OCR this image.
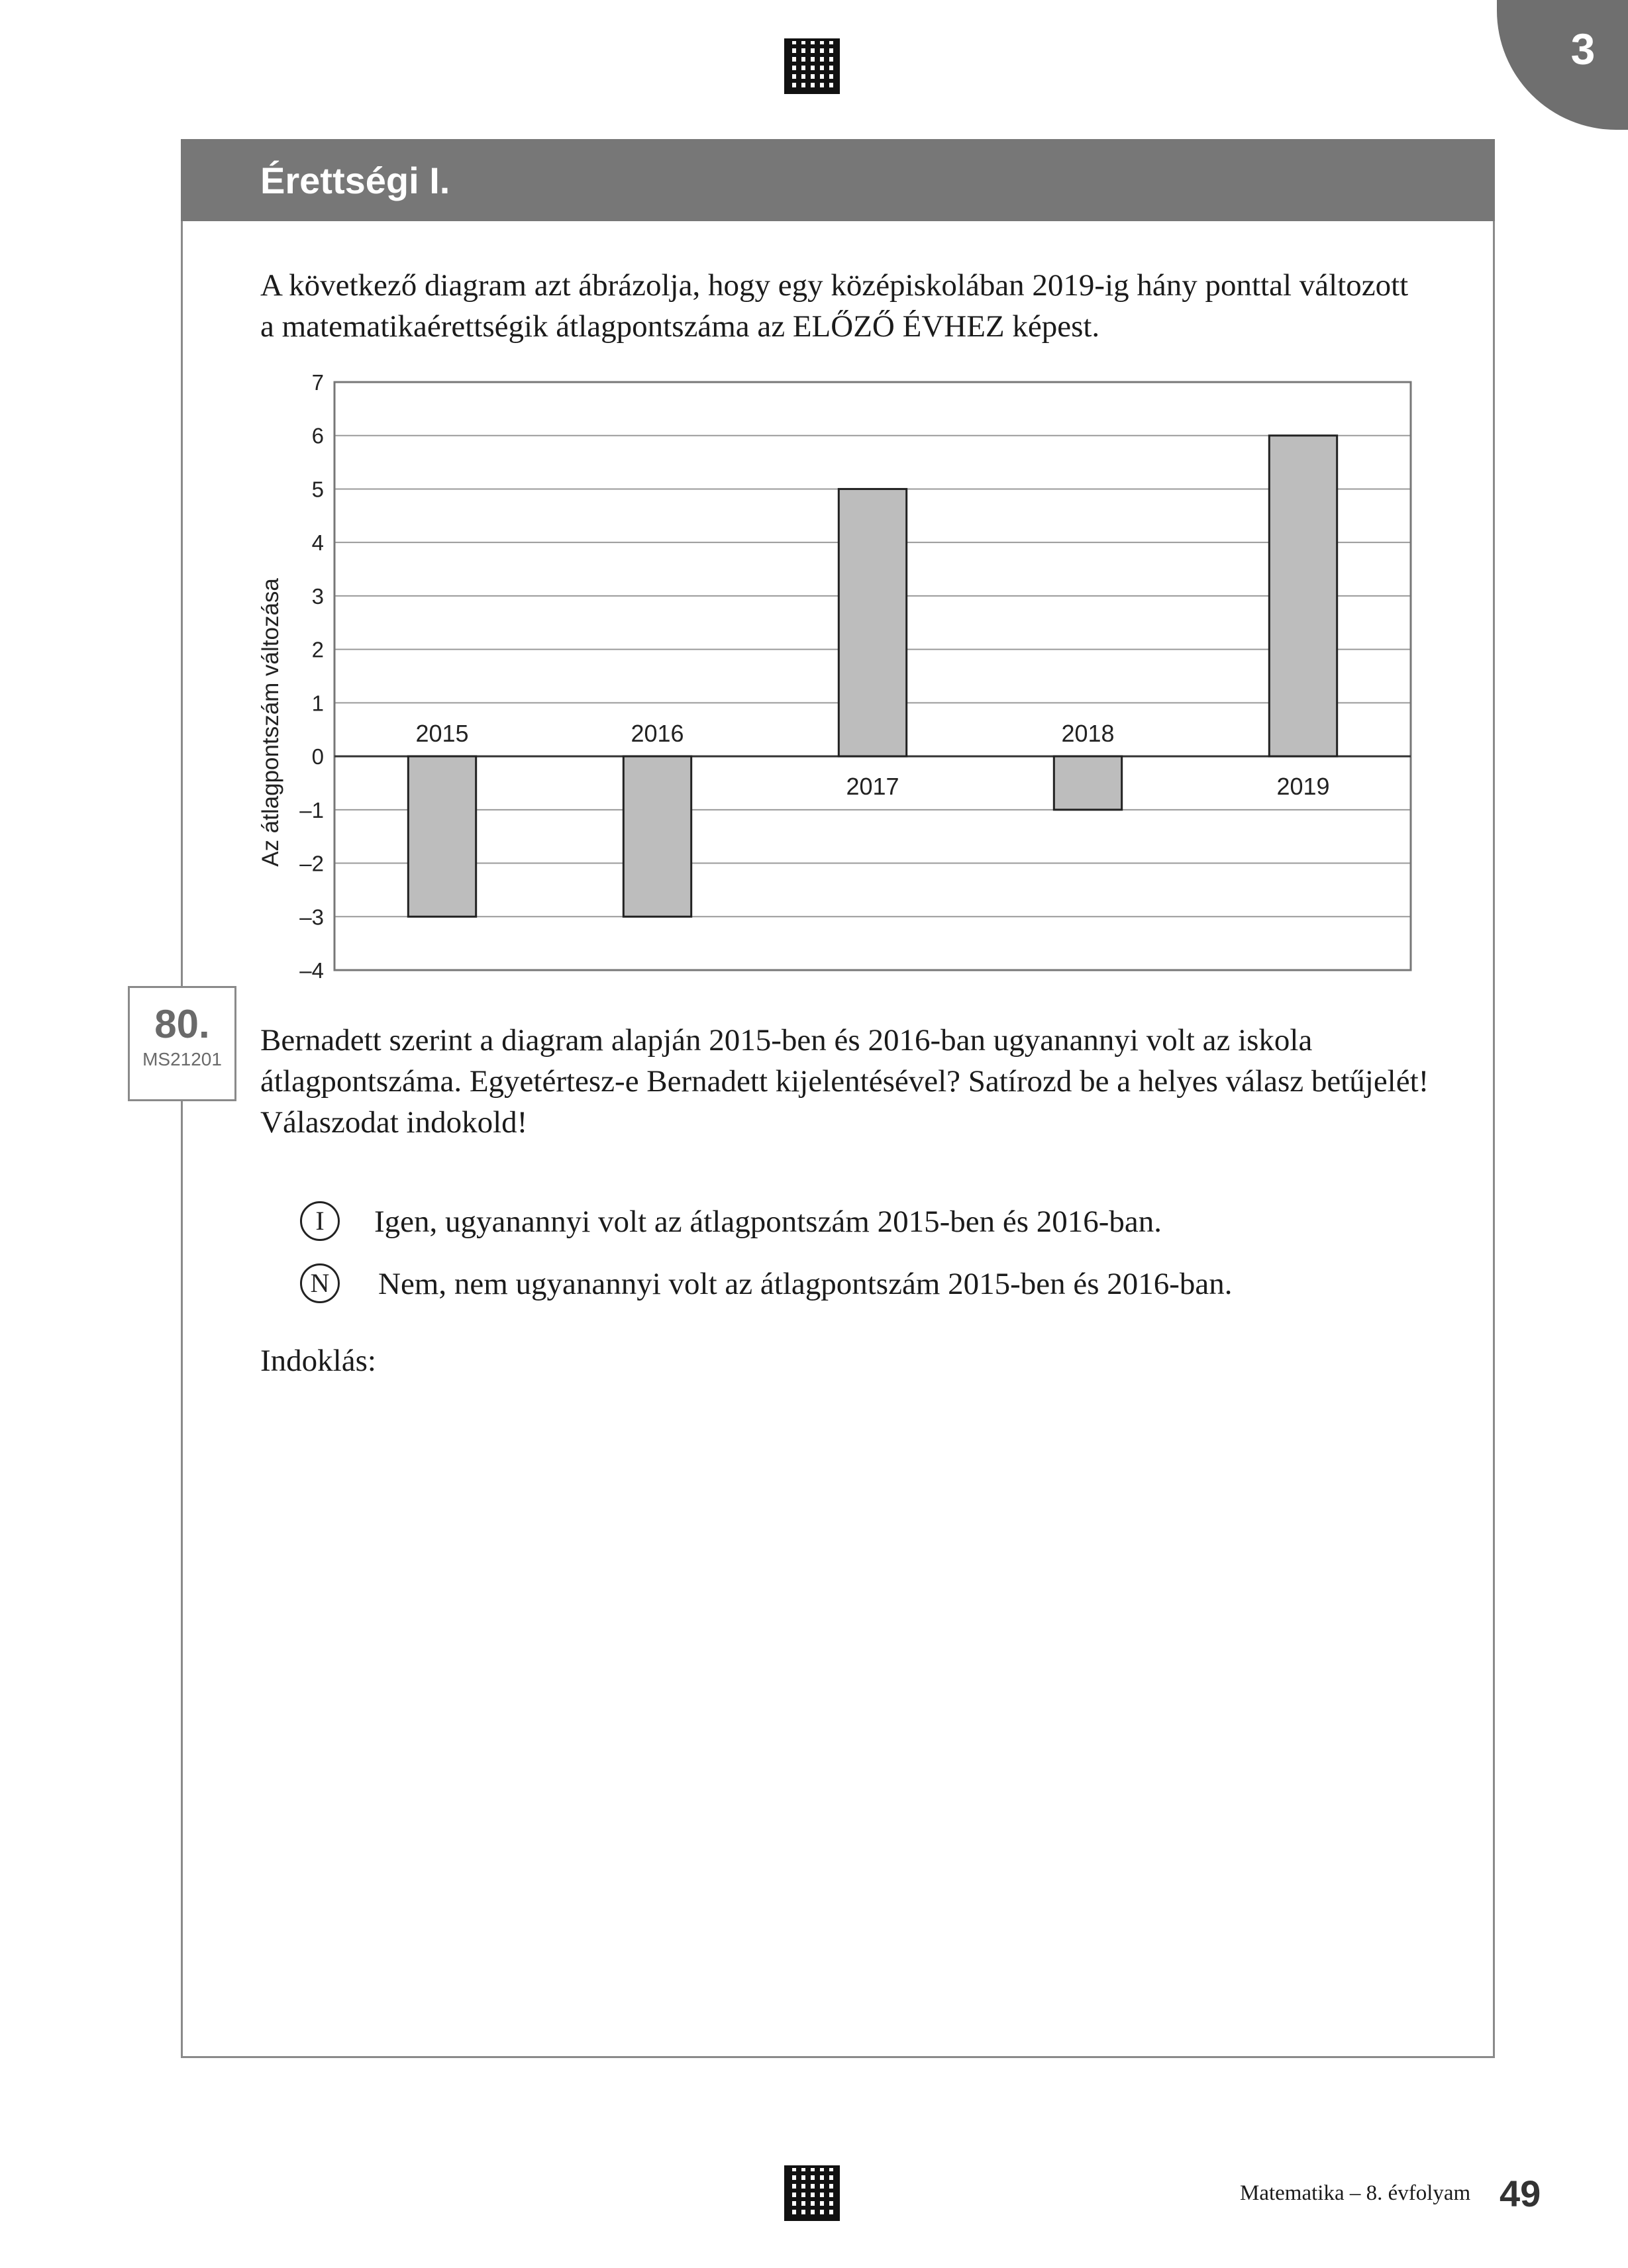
3
Érettségi I.
A következő diagram azt ábrázolja, hogy egy középiskolában 2019-ig hány ponttal változott
a matematikaérettségik átlagpontszáma az ELŐZŐ ÉVHEZ képest.
7
6
5
4
3
2
1
0
–1
–2
–3
–4
2015	2016
2017
2018
2019
Az átlagpontszám változása
80.
MS21201
Bernadett szerint a diagram alapján 2015-ben és 2016-ban ugyanannyi volt az iskola
átlagpontszáma. Egyetértesz-e Bernadett kijelentésével? Satírozd be a helyes válasz betűjelét!
Válaszodat indokold!
I	Igen, ugyanannyi volt az átlagpontszám 2015-ben és 2016-ban.
N	Nem, nem ugyanannyi volt az átlagpontszám 2015-ben és 2016-ban.
Indoklás:
Matematika – 8. évfolyam 49
